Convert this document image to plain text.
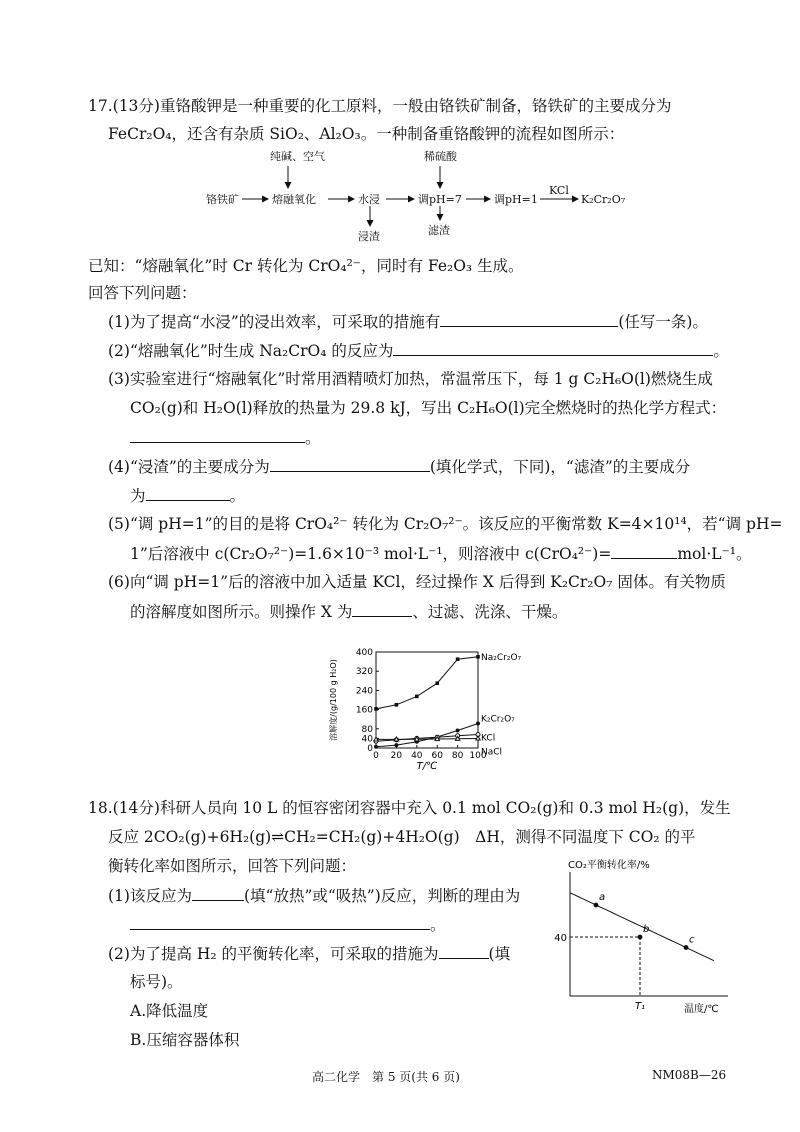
17.(13分)重铬酸钾是一种重要的化工原料，一般由铬铁矿制备，铬铁矿的主要成分为
FeCr₂O₄，还含有杂质 SiO₂、Al₂O₃。一种制备重铬酸钾的流程如图所示：
纯碱、空气	稀硫酸
铬铁矿	熔融氧化	水浸	调pH=7	调pH=1
KCl
K₂Cr₂O₇
浸渣	滤渣
已知：“熔融氧化”时 Cr 转化为 CrO₄²⁻，同时有 Fe₂O₃ 生成。
回答下列问题：
(1)为了提高“水浸”的浸出效率，可采取的措施有	(任写一条)。
(2)“熔融氧化”时生成 Na₂CrO₄ 的反应为	。
(3)实验室进行“熔融氧化”时常用酒精喷灯加热，常温常压下，每 1 g C₂H₆O(l)燃烧生成
CO₂(g)和 H₂O(l)释放的热量为 29.8 kJ，写出 C₂H₆O(l)完全燃烧时的热化学方程式：
。
(4)“浸渣”的主要成分为	(填化学式，下同)，“滤渣”的主要成分
为	。
(5)“调 pH=1”的目的是将 CrO₄²⁻ 转化为 Cr₂O₇²⁻。该反应的平衡常数 K=4×10¹⁴，若“调 pH=
1”后溶液中 c(Cr₂O₇²⁻)=1.6×10⁻³ mol·L⁻¹，则溶液中 c(CrO₄²⁻)=	mol·L⁻¹。
(6)向“调 pH=1”后的溶液中加入适量 KCl，经过操作 X 后得到 K₂Cr₂O₇ 固体。有关物质
的溶解度如图所示。则操作 X 为	、过滤、洗涤、干燥。
0
40
80
160
240
320
400
0 20 40 60 80 100
T/℃
溶解度/(g/100 g H₂O)
Na₂Cr₂O₇
K₂Cr₂O₇
KCl
NaCl
18.(14分)科研人员向 10 L 的恒容密闭容器中充入 0.1 mol CO₂(g)和 0.3 mol H₂(g)，发生
反应 2CO₂(g)+6H₂(g)⇌CH₂=CH₂(g)+4H₂O(g)　ΔH，测得不同温度下 CO₂ 的平
衡转化率如图所示，回答下列问题：
(1)该反应为	(填“放热”或“吸热”)反应，判断的理由为
。
(2)为了提高 H₂ 的平衡转化率，可采取的措施为	(填
标号)。
A.降低温度
B.压缩容器体积
CO₂平衡转化率/%
温度/℃
40
T₁
a
b
c
高二化学　第 5 页(共 6 页)	NM08B—26
